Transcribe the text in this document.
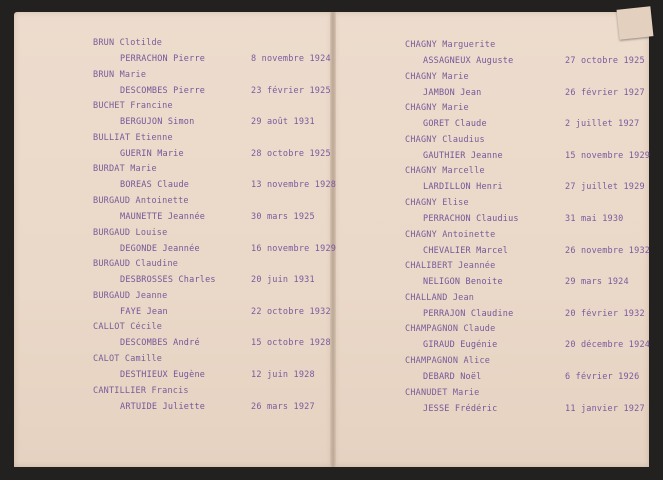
BRUN Clotilde
PERRACHON Pierre	8 novembre 1924
BRUN Marie
DESCOMBES Pierre	23 février 1925
BUCHET Francine
BERGUJON Simon	29 août 1931
BULLIAT Etienne
GUERIN Marie	28 octobre 1925
BURDAT Marie
BOREAS Claude	13 novembre 1928
BURGAUD Antoinette
MAUNETTE Jeannée	30 mars 1925
BURGAUD Louise
DEGONDE Jeannée	16 novembre 1929
BURGAUD Claudine
DESBROSSES Charles	20 juin 1931
BURGAUD Jeanne
FAYE Jean	22 octobre 1932
CALLOT Cécile
DESCOMBES André	15 octobre 1928
CALOT Camille
DESTHIEUX Eugène	12 juin 1928
CANTILLIER Francis
ARTUIDE Juliette	26 mars 1927
CHAGNY Marguerite
ASSAGNEUX Auguste	27 octobre 1925
CHAGNY Marie
JAMBON Jean	26 février 1927
CHAGNY Marie
GORET Claude	2 juillet 1927
CHAGNY Claudius
GAUTHIER Jeanne	15 novembre 1929
CHAGNY Marcelle
LARDILLON Henri	27 juillet 1929
CHAGNY Elise
PERRACHON Claudius	31 mai 1930
CHAGNY Antoinette
CHEVALIER Marcel	26 novembre 1932
CHALIBERT Jeannée
NELIGON Benoite	29 mars 1924
CHALLAND Jean
PERRAJON Claudine	20 février 1932
CHAMPAGNON Claude
GIRAUD Eugénie	20 décembre 1924
CHAMPAGNON Alice
DEBARD Noël	6 février 1926
CHANUDET Marie
JESSE Frédéric	11 janvier 1927
